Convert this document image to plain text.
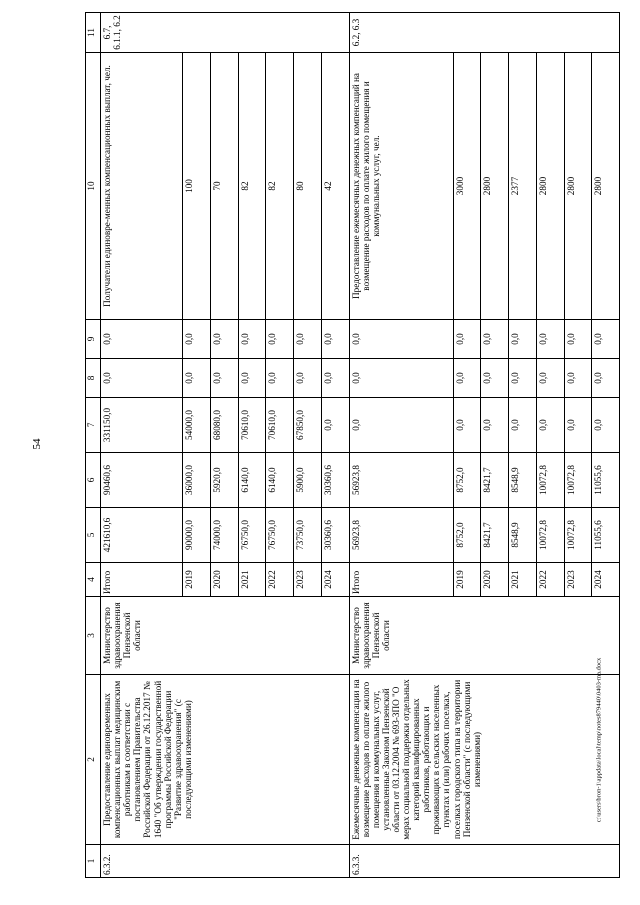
54
c:\users\bron-1\appdata\local\temp\notes879440\0403-ma.docx
1	2	3	4	5	6	7	8	9	10	11
6.3.2.	Предоставление единовременных компенсационных выплат медицинским работникам в соответствии с постановлением Правительства Российской Федерации от 26.12.2017 № 1640 "Об утверждении государственной программы Российской Федерации "Развитие здравоохранения" (с последующими изменениями)	Министерство здравоохранения Пензенской области	Итого	421610,6	90460,6	331150,0	0,0	0,0	Получатели единовре-менных компенсационных выплат, чел.	6.7, 6.1.1, 6.2
			2019	90000,0	36000,0	54000,0	0,0	0,0	100	
			2020	74000,0	5920,0	68080,0	0,0	0,0	70	
			2021	76750,0	6140,0	70610,0	0,0	0,0	82	
			2022	76750,0	6140,0	70610,0	0,0	0,0	82	
			2023	73750,0	5900,0	67850,0	0,0	0,0	80	
			2024	30360,6	30360,6	0,0	0,0	0,0	42	
6.3.3.	Ежемесячные денежные компенсации на возмещение расходов по оплате жилого помещения и коммунальных услуг, установленные Законом Пензенской области от 03.12.2004 № 693-ЗПО "О мерах социальной поддержки отдельных категорий квалифицированных работников, работающих и проживающих в сельских населенных пунктах и (или) рабочих поселках, поселках городского типа на территории Пензенской области" (с последующими изменениями)	Министерство здравоохранения Пензенской области	Итого	56923,8	56923,8	0,0	0,0	0,0	Предоставление ежемесячных денежных компенсаций на возмещение расходов по оплате жилого помещения и коммунальных услуг, чел.	6.2, 6.3
			2019	8752,0	8752,0	0,0	0,0	0,0	3000	
			2020	8421,7	8421,7	0,0	0,0	0,0	2800	
			2021	8548,9	8548,9	0,0	0,0	0,0	2377	
			2022	10072,8	10072,8	0,0	0,0	0,0	2800	
			2023	10072,8	10072,8	0,0	0,0	0,0	2800	
			2024	11055,6	11055,6	0,0	0,0	0,0	2800	
